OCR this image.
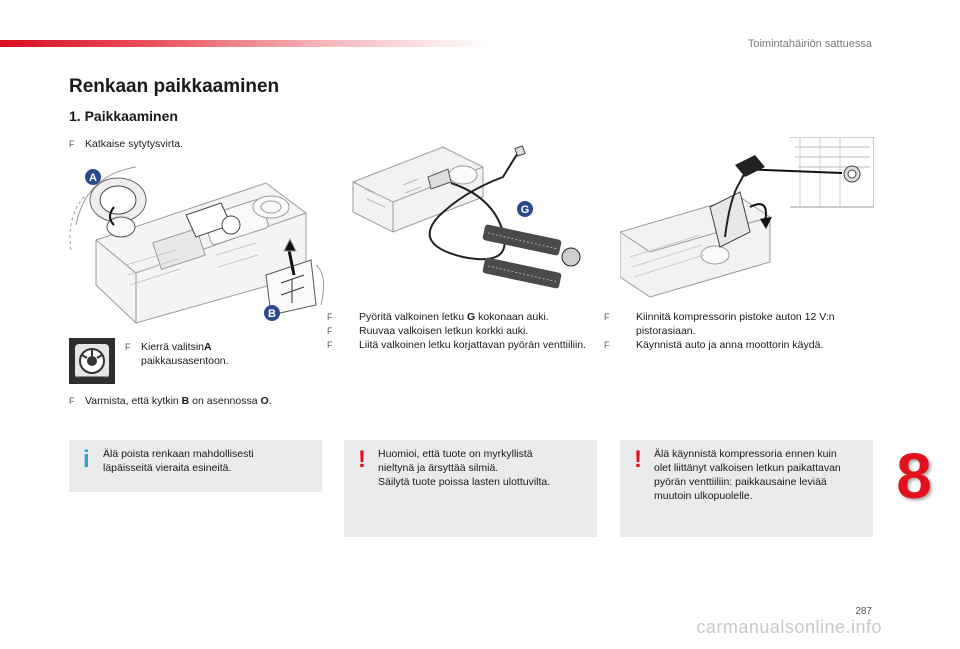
Toimintahäiriön sattuessa
Renkaan paikkaaminen
1. Paikkaaminen
F Katkaise sytytysvirta.
A
B
F Kierrä valitsinA
paikkausasentoon.
F Varmista, että kytkin B on asennossa O.
G
F	Pyöritä valkoinen letku G kokonaan auki.
F	Ruuvaa valkoisen letkun korkki auki.
F	Liitä valkoinen letku korjattavan pyörän venttiiliin.
F	Kiinnitä kompressorin pistoke auton 12 V:n pistorasiaan.
F	Käynnistä auto ja anna moottorin käydä.
i Älä poista renkaan mahdollisesti
läpäisseitä vieraita esineitä.	! Huomioi, että tuote on myrkyllistä
nieltynä ja ärsyttää silmiä.
Säilytä tuote poissa lasten ulottuvilta.
! Älä käynnistä kompressoria ennen kuin
olet liittänyt valkoisen letkun paikattavan
pyörän venttiiliin: paikkausaine leviää
muutoin ulkopuolelle.	8
287
carmanualsonline.info
